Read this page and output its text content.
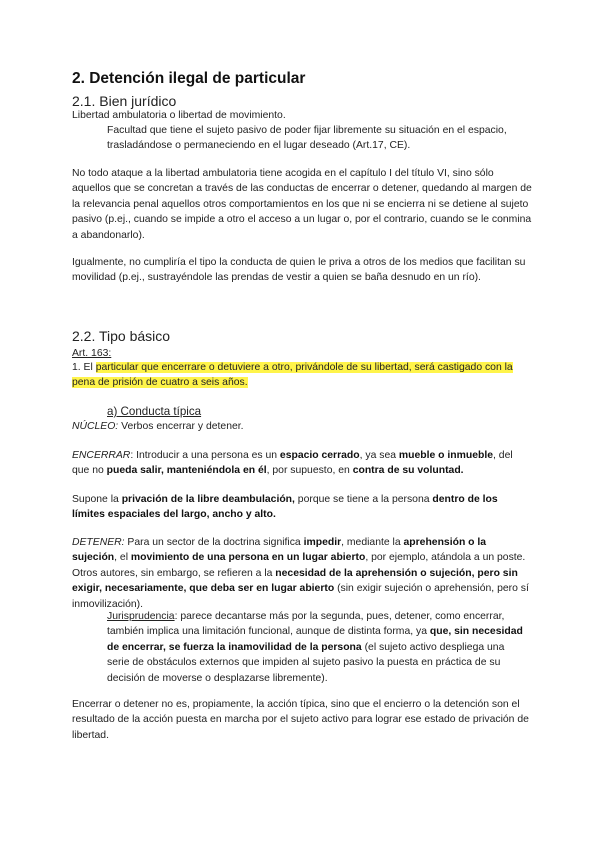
2. Detención ilegal de particular
2.1. Bien jurídico
Libertad ambulatoria o libertad de movimiento.
Facultad que tiene el sujeto pasivo de poder fijar libremente su situación en el espacio, trasladándose o permaneciendo en el lugar deseado (Art.17, CE).
No todo ataque a la libertad ambulatoria tiene acogida en el capítulo I del título VI, sino sólo aquellos que se concretan a través de las conductas de encerrar o detener, quedando al margen de la relevancia penal aquellos otros comportamientos en los que ni se encierra ni se detiene al sujeto pasivo (p.ej., cuando se impide a otro el acceso a un lugar o, por el contrario, cuando se le conmina a abandonarlo).
Igualmente, no cumpliría el tipo la conducta de quien le priva a otros de los medios que facilitan su movilidad (p.ej., sustrayéndole las prendas de vestir a quien se baña desnudo en un río).
2.2. Tipo básico
Art. 163:
1. El particular que encerrare o detuviere a otro, privándole de su libertad, será castigado con la pena de prisión de cuatro a seis años.
a) Conducta típica
NÚCLEO: Verbos encerrar y detener.
ENCERRAR: Introducir a una persona es un espacio cerrado, ya sea mueble o inmueble, del que no pueda salir, manteniéndola en él, por supuesto, en contra de su voluntad.
Supone la privación de la libre deambulación, porque se tiene a la persona dentro de los límites espaciales del largo, ancho y alto.
DETENER: Para un sector de la doctrina significa impedir, mediante la aprehensión o la sujeción, el movimiento de una persona en un lugar abierto, por ejemplo, atándola a un poste. Otros autores, sin embargo, se refieren a la necesidad de la aprehensión o sujeción, pero sin exigir, necesariamente, que deba ser en lugar abierto (sin exigir sujeción o aprehensión, pero sí inmovilización).
Jurisprudencia: parece decantarse más por la segunda, pues, detener, como encerrar, también implica una limitación funcional, aunque de distinta forma, ya que, sin necesidad de encerrar, se fuerza la inamovilidad de la persona (el sujeto activo despliega una serie de obstáculos externos que impiden al sujeto pasivo la puesta en práctica de su decisión de moverse o desplazarse libremente).
Encerrar o detener no es, propiamente, la acción típica, sino que el encierro o la detención son el resultado de la acción puesta en marcha por el sujeto activo para lograr ese estado de privación de libertad.
